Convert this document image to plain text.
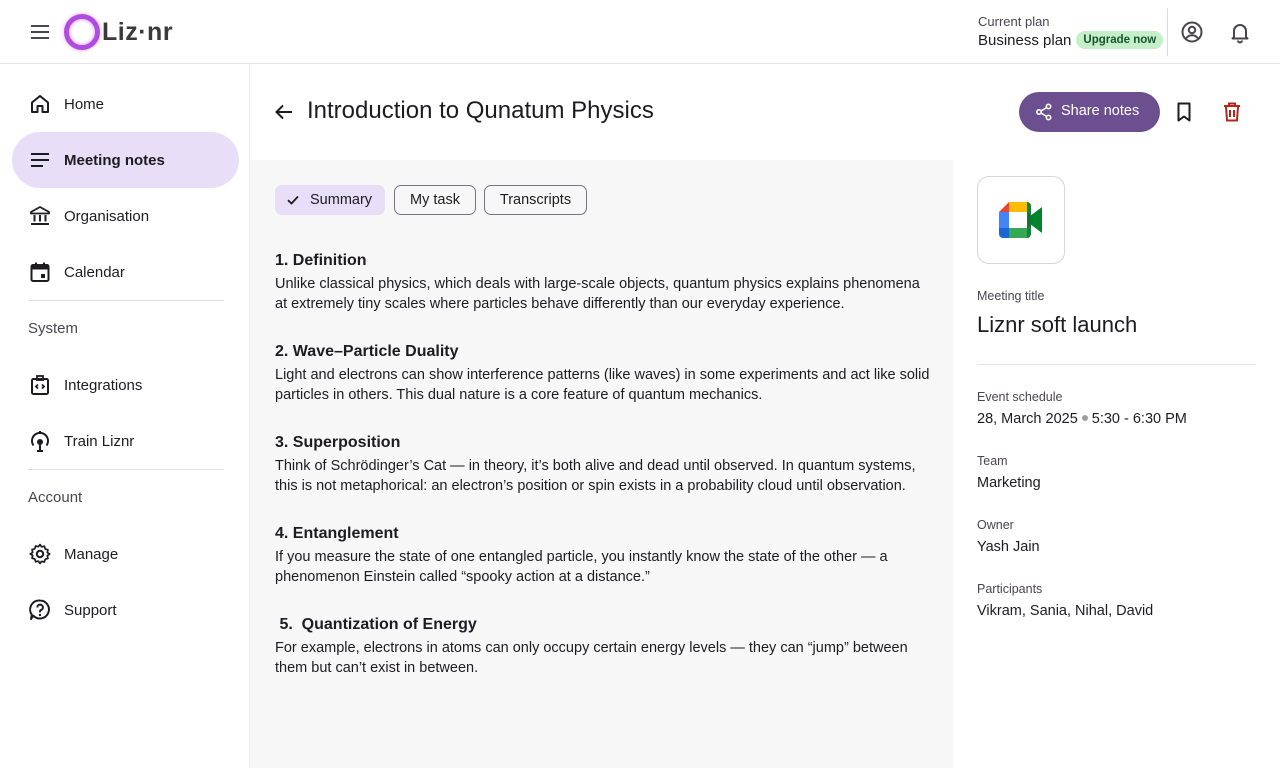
Liz·nr	Current plan
Business plan	Upgrade now
Home
Meeting notes
Organisation
Calendar
System
Integrations
Train Liznr
Account
Manage
Support
Introduction to Qunatum Physics	Share notes
Summary	My task	Transcripts
1. Definition
Unlike classical physics, which deals with large-scale objects, quantum physics explains phenomena at extremely tiny scales where particles behave differently than our everyday experience.
2. Wave–Particle Duality
Light and electrons can show interference patterns (like waves) in some experiments and act like solid particles in others. This dual nature is a core feature of quantum mechanics.
3. Superposition
Think of Schrödinger’s Cat — in theory, it’s both alive and dead until observed. In quantum systems, this is not metaphorical: an electron’s position or spin exists in a probability cloud until observation.
4. Entanglement
If you measure the state of one entangled particle, you instantly know the state of the other — a phenomenon Einstein called “spooky action at a distance.”
5.  Quantization of Energy
For example, electrons in atoms can only occupy certain energy levels — they can “jump” between them but can’t exist in between.
Meeting title
Liznr soft launch
Event schedule
28, March 2025 5:30 - 6:30 PM
Team
Marketing
Owner
Yash Jain
Participants
Vikram, Sania, Nihal, David
